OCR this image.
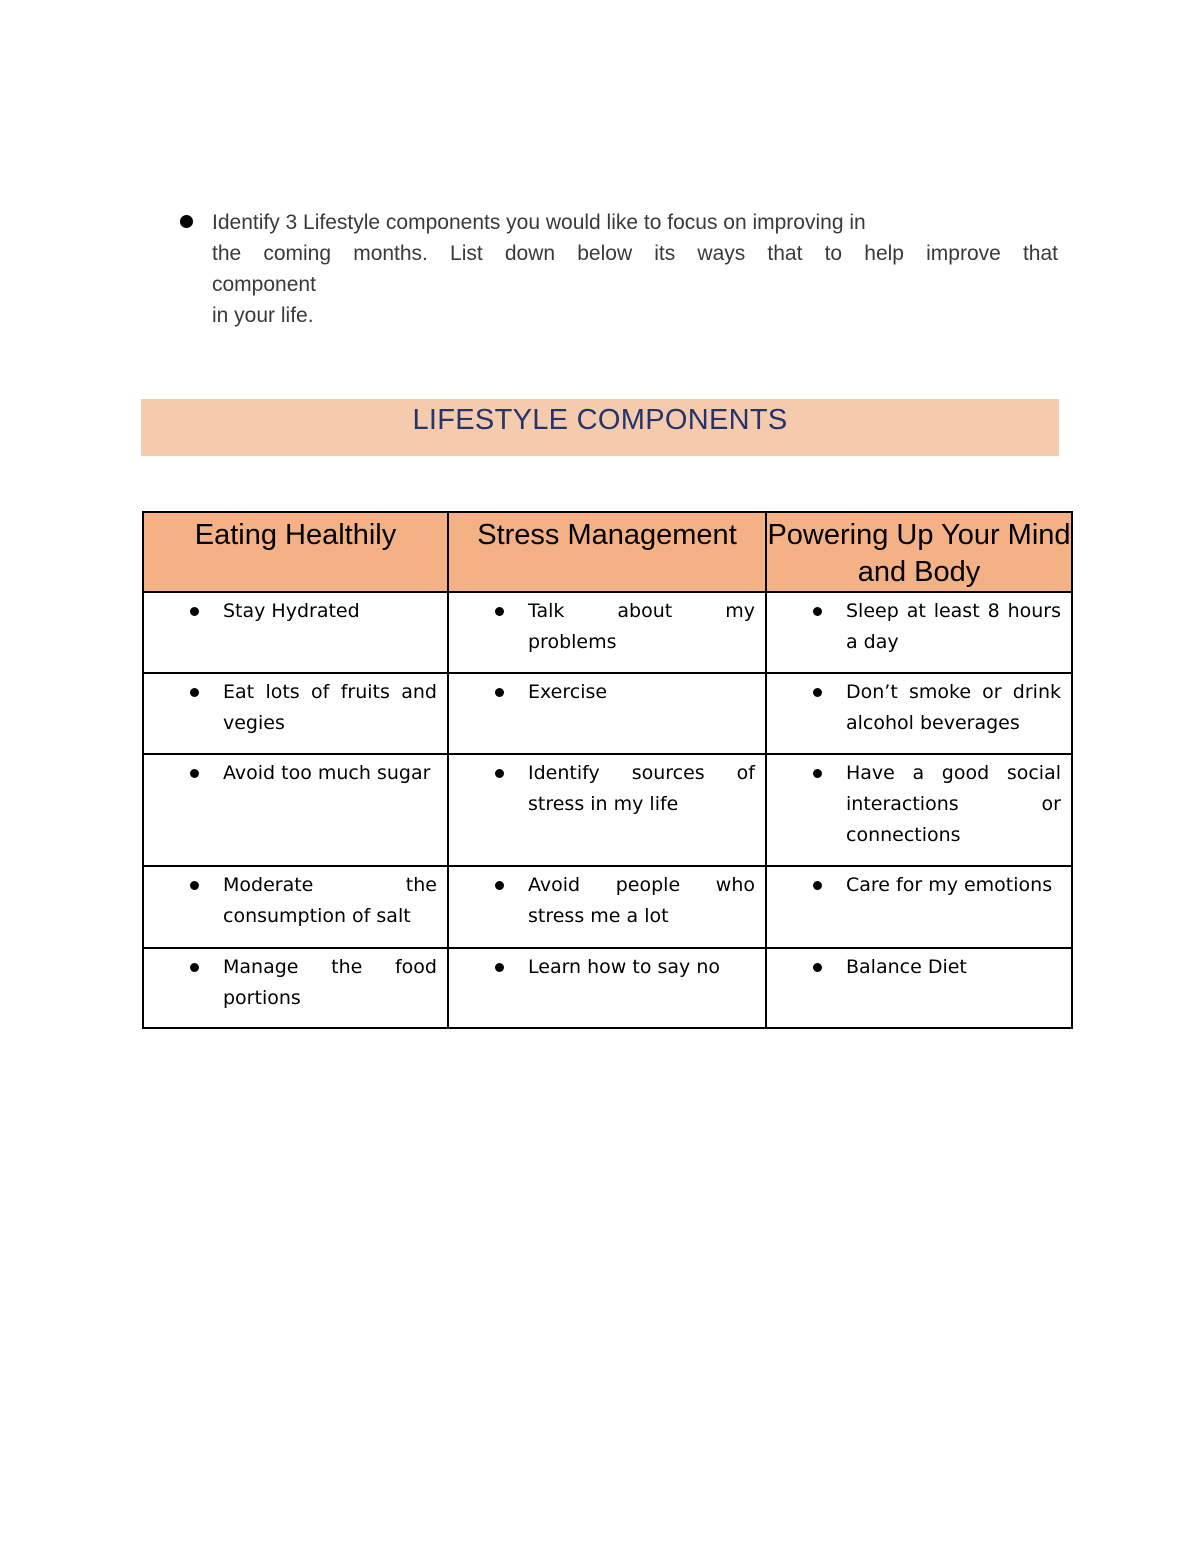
Identify 3 Lifestyle components you would like to focus on improving in
the coming months. List down below its ways that to help improve that
component
in your life.
LIFESTYLE COMPONENTS
Eating Healthily	Stress Management	Powering Up Your Mind and Body

Stay Hydrated	Talk about my problems	Sleep at least 8 hours a day

Eat lots of fruits and vegies	Exercise	Don’t smoke or drink alcohol beverages

Avoid too much sugar	Identify sources of stress in my life	Have a good social interactions or connections

Moderate the consumption of salt	Avoid people who stress me a lot	Care for my emotions

Manage the food portions	Learn how to say no	Balance Diet
